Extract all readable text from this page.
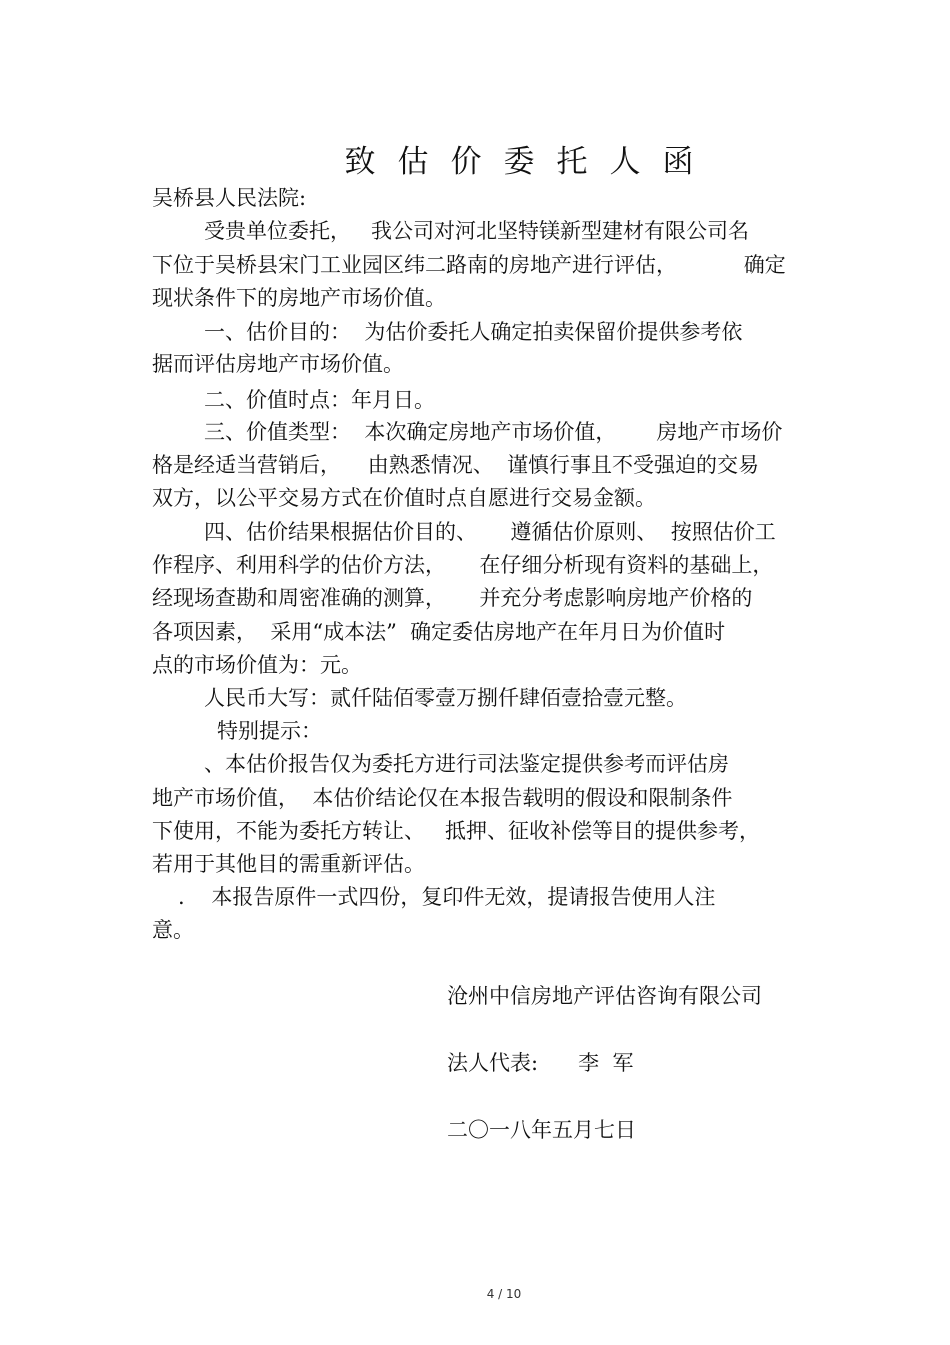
致估价委托人函
吴桥县人民法院:
受贵单位委托，   我公司对河北坚特镁新型建材有限公司名
下位于吴桥县宋门工业园区纬二路南的房地产进行评估，          确定
现状条件下的房地产市场价值。
一、估价目的：  为估价委托人确定拍卖保留价提供参考依
据而评估房地产市场价值。
二、价值时点：年月日。
三、价值类型：  本次确定房地产市场价值，      房地产市场价
格是经适当营销后，    由熟悉情况、  谨慎行事且不受强迫的交易
双方，以公平交易方式在价值时点自愿进行交易金额。
四、估价结果根据估价目的、     遵循估价原则、  按照估价工
作程序、利用科学的估价方法，     在仔细分析现有资料的基础上，
经现场查勘和周密准确的测算，     并充分考虑影响房地产价格的
各项因素，  采用“成本法”  确定委估房地产在年月日为价值时
点的市场价值为：元。
人民币大写：贰仟陆佰零壹万捌仟肆佰壹拾壹元整。
特别提示：
、本估价报告仅为委托方进行司法鉴定提供参考而评估房
地产市场价值，  本估价结论仅在本报告载明的假设和限制条件
下使用，不能为委托方转让、   抵押、征收补偿等目的提供参考，
若用于其他目的需重新评估。
.    本报告原件一式四份，复印件无效，提请报告使用人注
意。
沧州中信房地产评估咨询有限公司
法人代表:      李  军
二〇一八年五月七日
4 / 10
